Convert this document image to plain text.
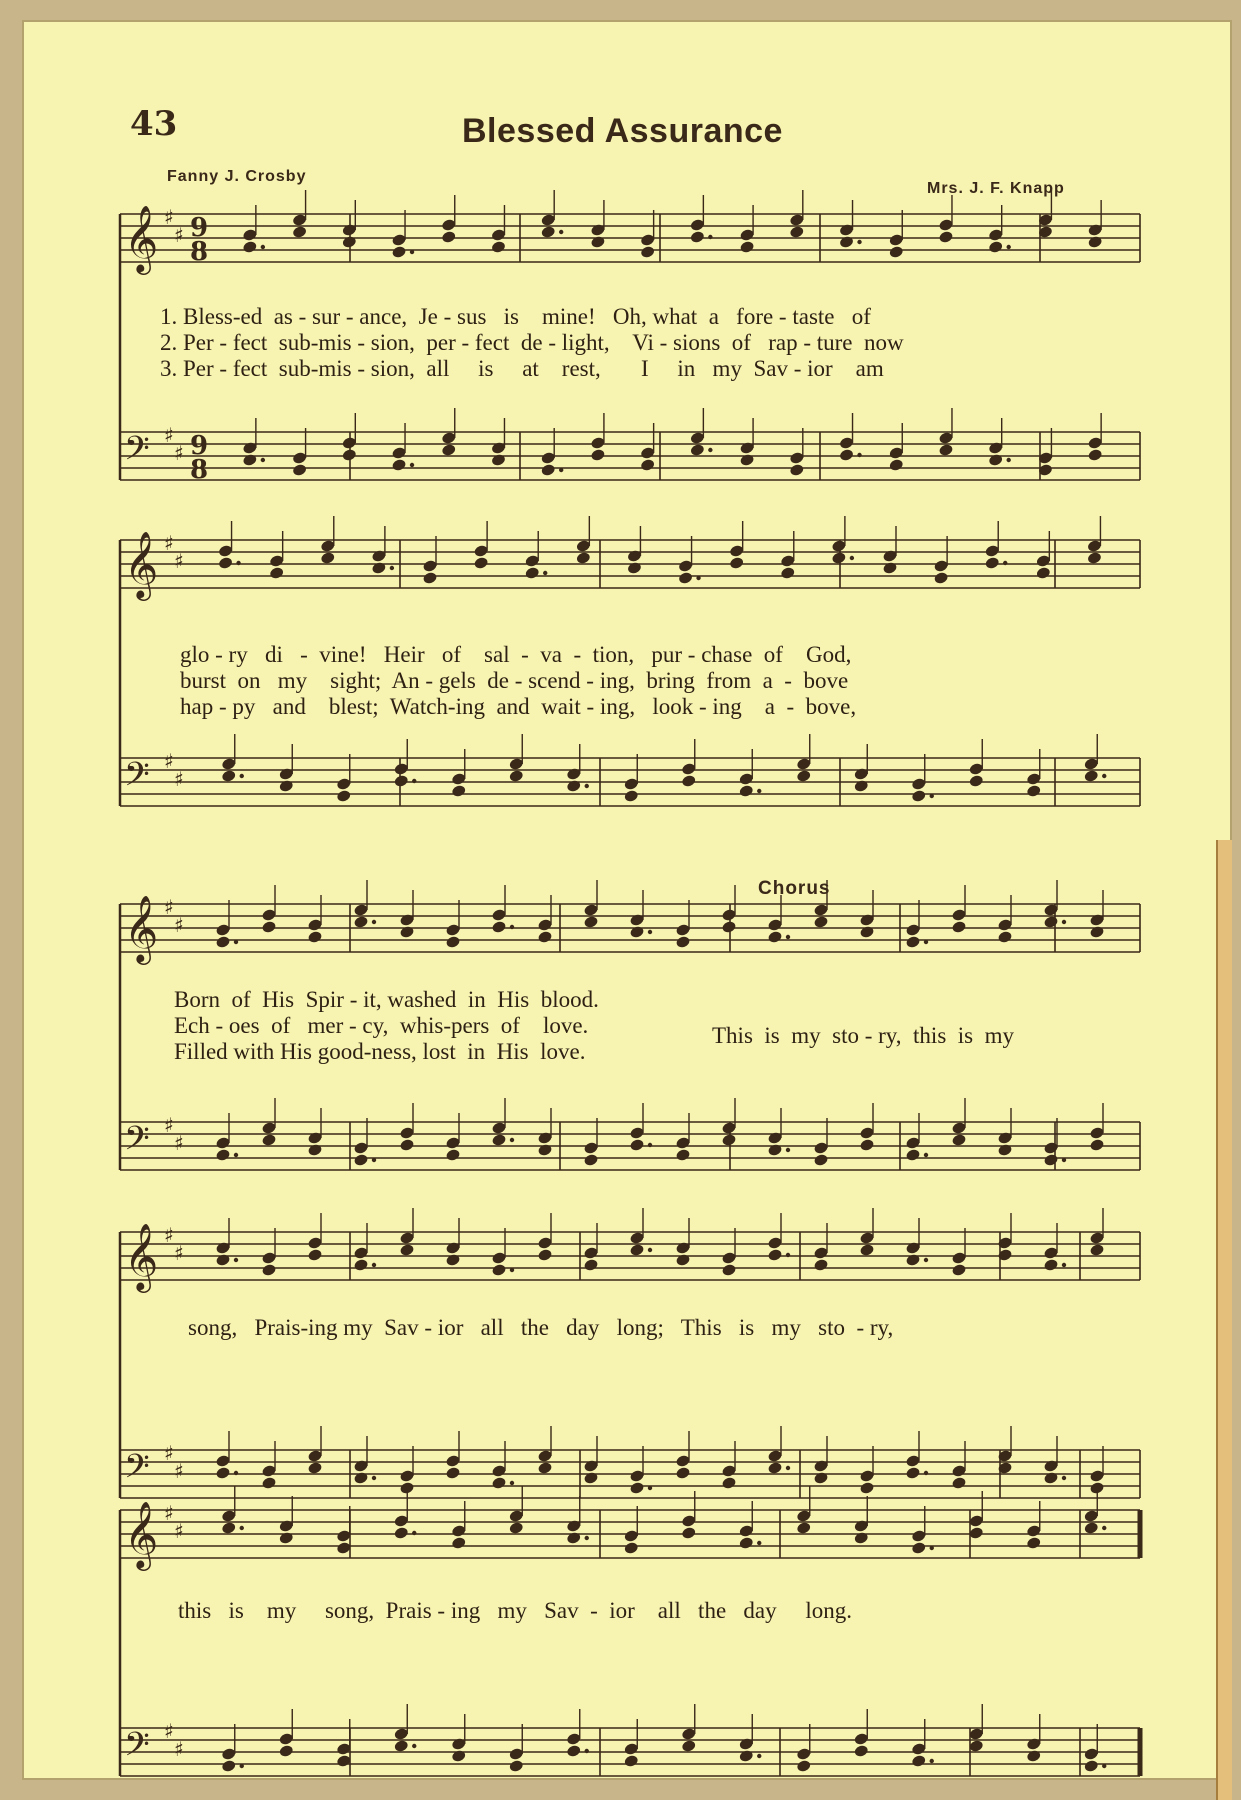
43	Blessed Assurance
Fanny J. Crosby
Mrs. J. F. Knapp
Chorus
𝄞 ♯
♯ 9
8
𝄢 ♯
♯ 9
8
1. Bless-ed  as - sur - ance,  Je - sus   is    mine!   Oh, what  a   fore - taste   of
2. Per - fect  sub-mis - sion,  per - fect  de - light,    Vi - sions  of   rap - ture  now
3. Per - fect  sub-mis - sion,  all     is     at    rest,       I     in   my  Sav - ior    am
𝄞 ♯
♯
𝄢 ♯
♯
glo - ry   di   -  vine!   Heir   of    sal  -  va  -  tion,   pur - chase  of    God,
burst  on   my    sight;  An - gels  de - scend - ing,  bring  from  a  -  bove
hap - py   and    blest;  Watch-ing  and  wait - ing,   look - ing    a  -  bove,
𝄞 ♯
♯
𝄢 ♯
♯
Born  of  His  Spir - it, washed  in  His  blood.
Ech - oes  of   mer - cy,  whis-pers  of    love.
Filled with His good-ness, lost  in  His  love.
This  is  my  sto - ry,  this  is  my
𝄞 ♯
♯
𝄢 ♯
♯
song,   Prais-ing my  Sav - ior   all   the   day   long;   This   is   my   sto  - ry,
𝄞 ♯
♯
𝄢 ♯
♯
this   is    my     song,  Prais - ing   my   Sav  -  ior    all   the   day     long.
